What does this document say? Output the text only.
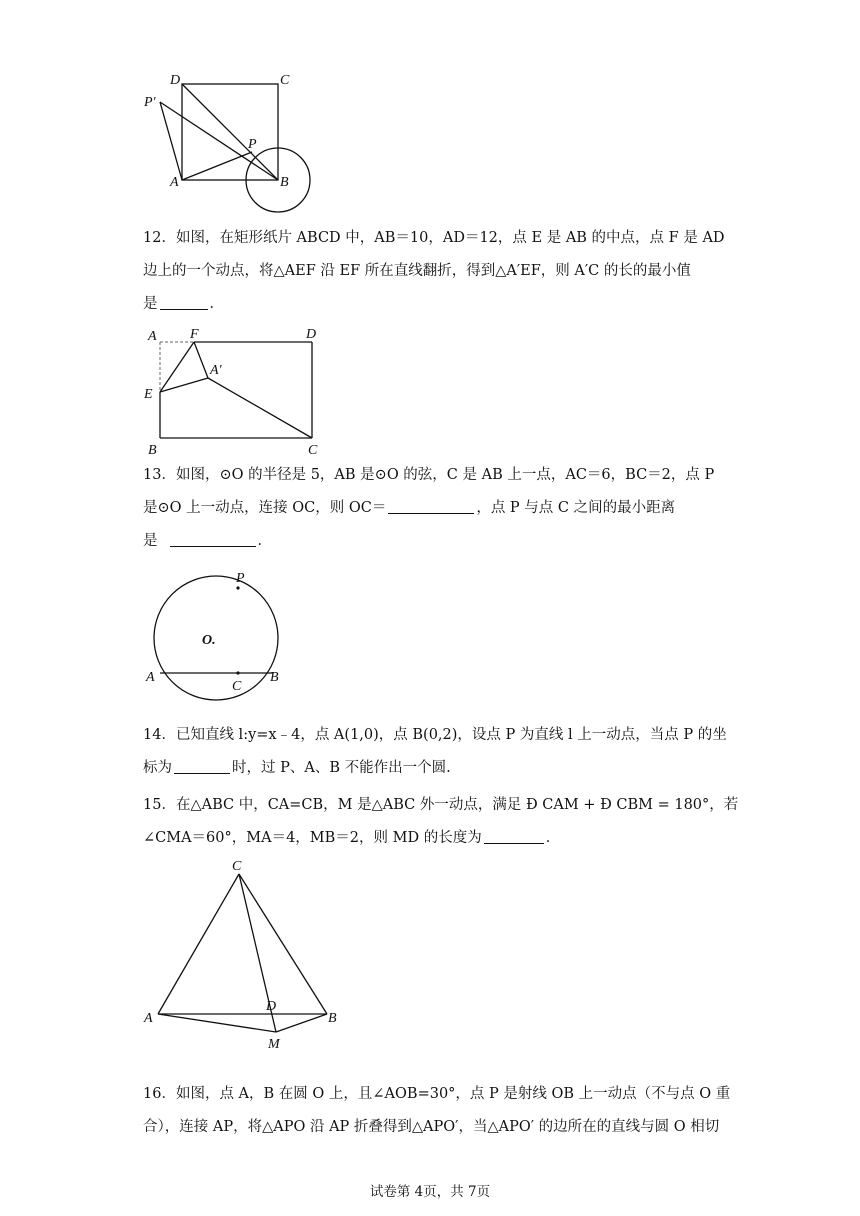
D	C
P′
P
A	B
12．如图，在矩形纸片 ABCD 中，AB＝10，AD＝12，点 E 是 AB 的中点，点 F 是 AD
边上的一个动点，将△AEF 沿 EF 所在直线翻折，得到△A′EF，则 A′C 的长的最小值
是	．
A F	D
A′
E
B	C
13．如图，⊙O 的半径是 5，AB 是⊙O 的弦，C 是 AB 上一点，AC＝6，BC＝2，点 P
是⊙O 上一动点，连接 OC，则 OC＝	，点 P 与点 C 之间的最小距离
是	．
P
O.
A
C
B
14．已知直线 l:y=x﹣4，点 A(1,0)，点 B(0,2)，设点 P 为直线 l 上一动点，当点 P 的坐
标为	时，过 P、A、B 不能作出一个圆.
15．在△ABC 中，CA=CB，M 是△ABC 外一动点，满足 Ð CAM + Ð CBM = 180°，若
∠CMA＝60°，MA＝4，MB＝2，则 MD 的长度为	．
C
A
D
B
M
16．如图，点 A，B 在圆 O 上，且∠AOB=30°，点 P 是射线 OB 上一动点（不与点 O 重
合），连接 AP，将△APO 沿 AP 折叠得到△APO′，当△APO′ 的边所在的直线与圆 O 相切
试卷第 4页，共 7页
